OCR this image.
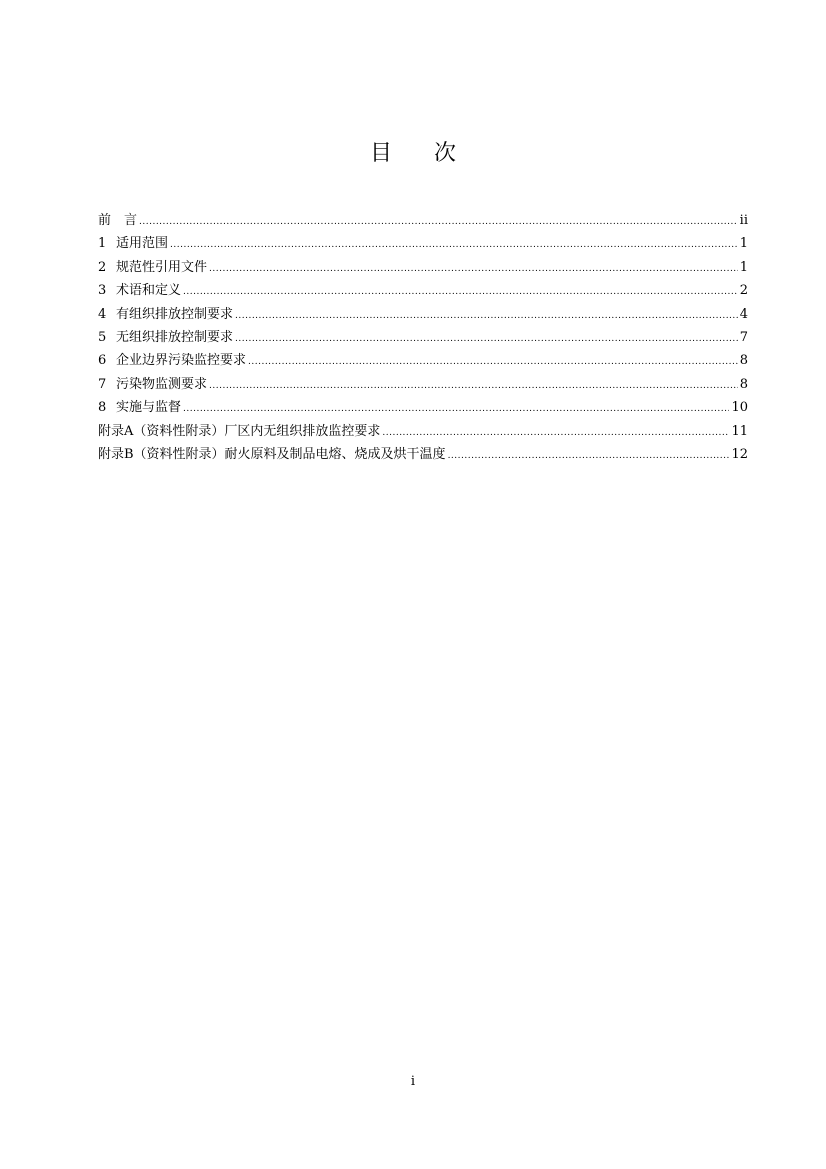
目次
前　言 .....	ii
1 适用范围 .....	1
2 规范性引用文件 .....	1
3 术语和定义 .....	2
4 有组织排放控制要求 .....	4
5 无组织排放控制要求 .....	7
6 企业边界污染监控要求 .....	8
7 污染物监测要求 .....	8
8 实施与监督 .....	10
附录A（资料性附录）厂区内无组织排放监控要求 .....	11
附录B（资料性附录）耐火原料及制品电熔、烧成及烘干温度 .....	12
i
